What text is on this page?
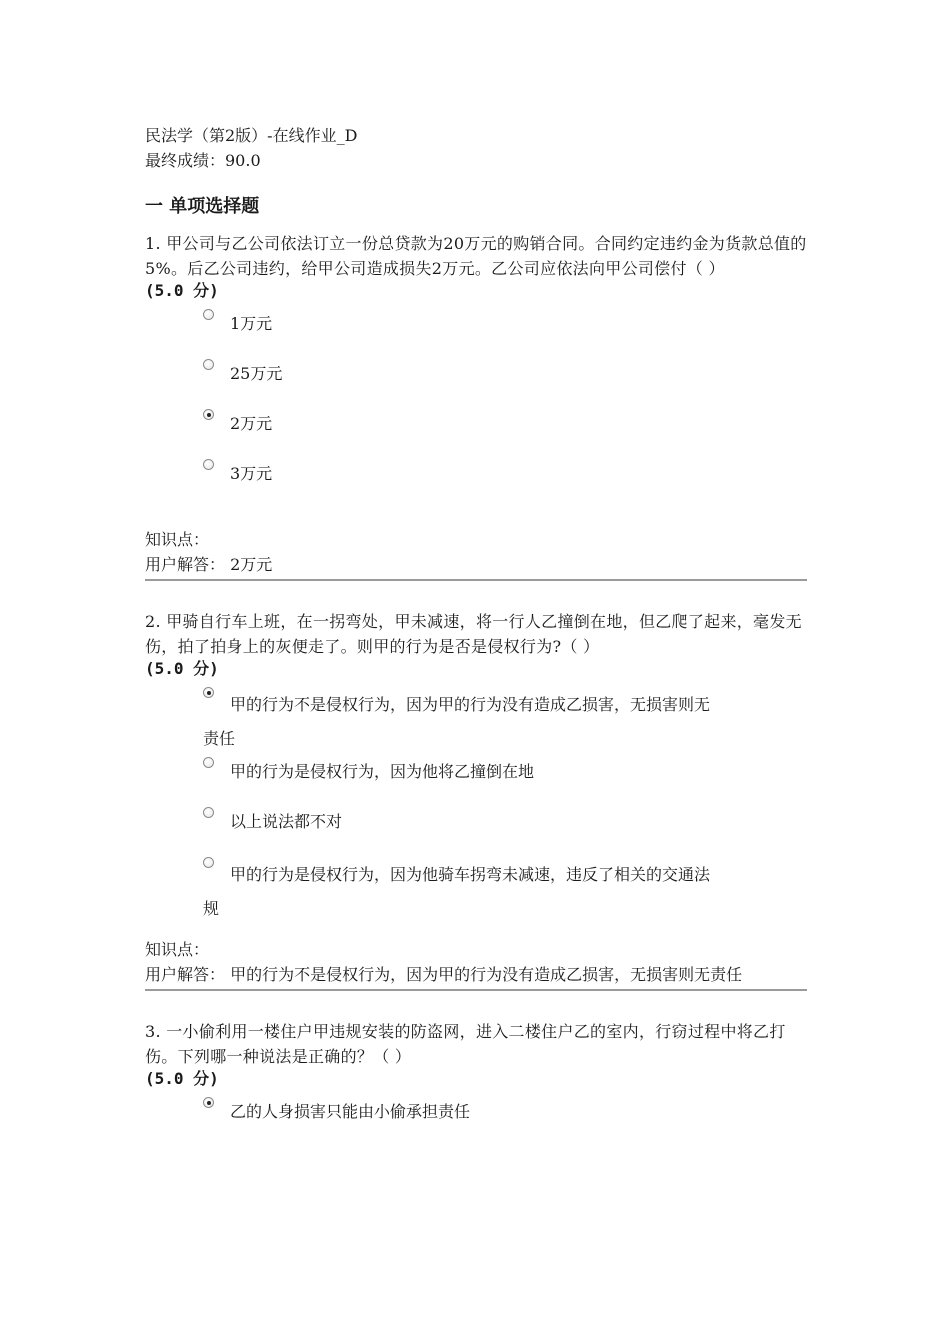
民法学（第2版）-在线作业_D
最终成绩：90.0
一 单项选择题
1. 甲公司与乙公司依法订立一份总贷款为20万元的购销合同。合同约定违约金为货款总值的5%。后乙公司违约，给甲公司造成损失2万元。乙公司应依法向甲公司偿付（ ）
(5.0 分)
1万元
25万元
2万元
3万元
知识点：
用户解答： 2万元
2. 甲骑自行车上班，在一拐弯处，甲未减速，将一行人乙撞倒在地，但乙爬了起来，毫发无伤，拍了拍身上的灰便走了。则甲的行为是否是侵权行为?（ ）
(5.0 分)
甲的行为不是侵权行为，因为甲的行为没有造成乙损害，无损害则无
责任
甲的行为是侵权行为，因为他将乙撞倒在地
以上说法都不对
甲的行为是侵权行为，因为他骑车拐弯未减速，违反了相关的交通法
规
知识点：
用户解答： 甲的行为不是侵权行为，因为甲的行为没有造成乙损害，无损害则无责任
3. 一小偷利用一楼住户甲违规安装的防盗网，进入二楼住户乙的室内，行窃过程中将乙打伤。下列哪一种说法是正确的？（ ）
(5.0 分)
乙的人身损害只能由小偷承担责任
